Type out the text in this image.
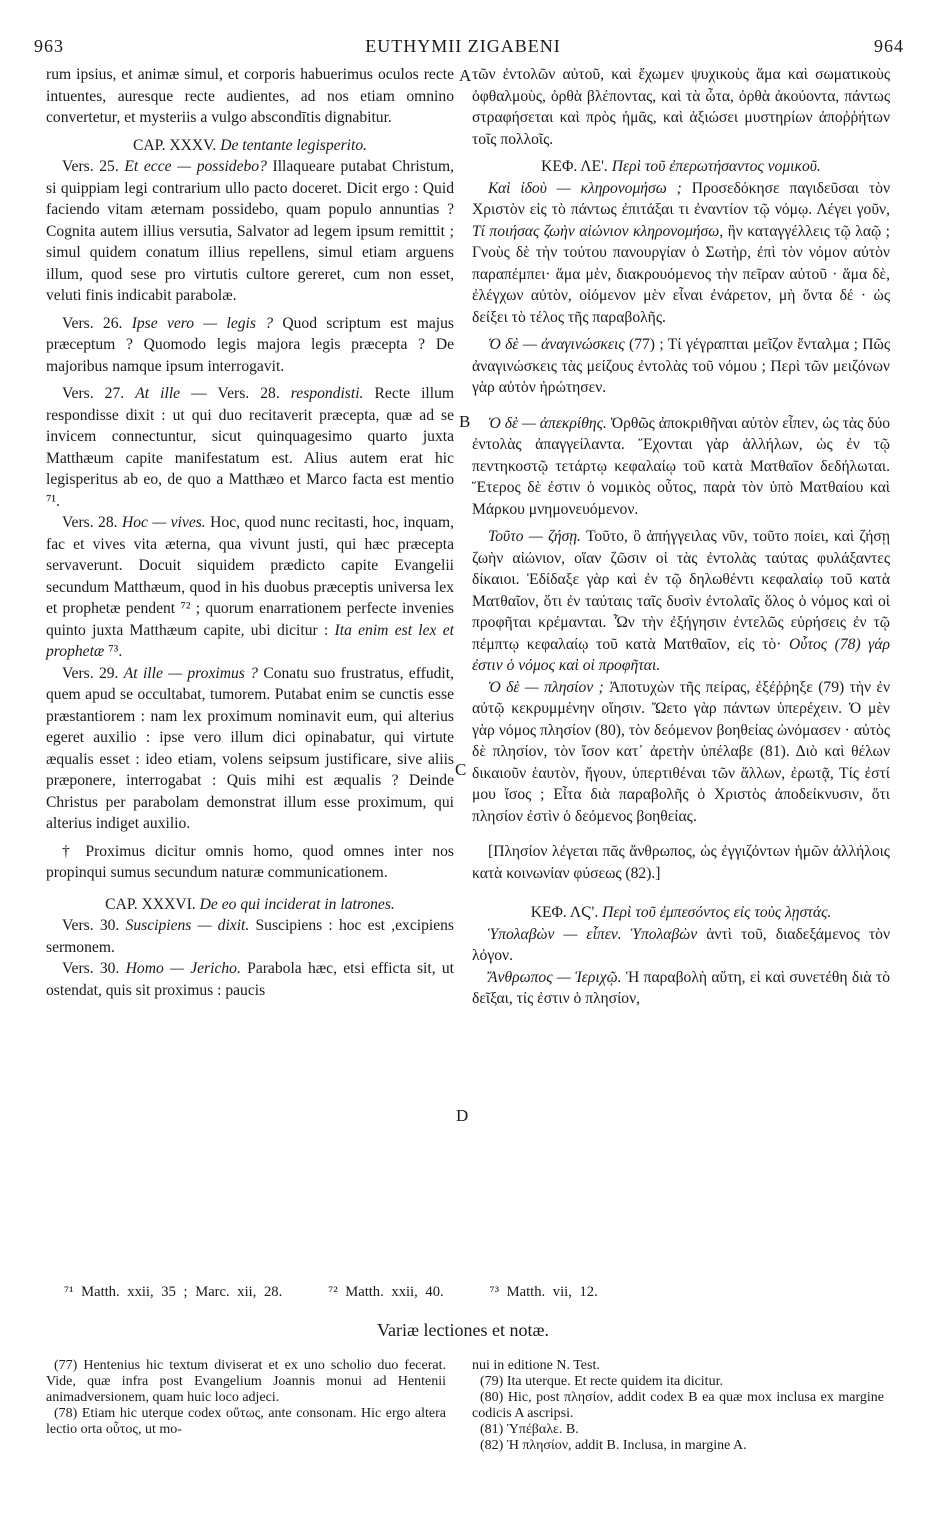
963	EUTHYMII ZIGABENI	964
A
B
C
D

rum ipsius, et animæ simul, et corporis habuerimus oculos recte intuentes, auresque recte audientes, ad nos etiam omnino convertetur, et mysteriis a vulgo abscondītis dignabitur.

CAP. XXXV. De tentante legisperito.

Vers. 25. Et ecce — possidebo? Illaqueare putabat Christum, si quippiam legi contrarium ullo pacto doceret. Dicit ergo : Quid faciendo vitam æternam possidebo, quam populo annuntias ? Cognita autem illius versutia, Salvator ad legem ipsum remittit ; simul quidem conatum illius repellens, simul etiam arguens illum, quod sese pro virtutis cultore gereret, cum non esset, veluti finis indicabit parabolæ.

Vers. 26. Ipse vero — legis ? Quod scriptum est majus præceptum ? Quomodo legis majora legis præcepta ? De majoribus namque ipsum interrogavit.

Vers. 27. At ille — Vers. 28. respondisti. Recte illum respondisse dixit : ut qui duo recitaverit præcepta, quæ ad se invicem connectuntur, sicut quinquagesimo quarto juxta Matthæum capite manifestatum est. Alius autem erat hic legisperitus ab eo, de quo a Matthæo et Marco facta est mentio ⁷¹.

Vers. 28. Hoc — vives. Hoc, quod nunc recitasti, hoc, inquam, fac et vives vita æterna, qua vivunt justi, qui hæc præcepta servaverunt. Docuit siquidem prædicto capite Evangelii secundum Matthæum, quod in his duobus præceptis universa lex et prophetæ pendent ⁷² ; quorum enarrationem perfecte invenies quinto juxta Matthæum capite, ubi dicitur : Ita enim est lex et prophetæ ⁷³.

Vers. 29. At ille — proximus ? Conatu suo frustratus, effudit, quem apud se occultabat, tumorem. Putabat enim se cunctis esse præstantiorem : nam lex proximum nominavit eum, qui alterius egeret auxilio : ipse vero illum dici opinabatur, qui virtute æqualis esset : ideo etiam, volens seipsum justificare, sive aliis præponere, interrogabat : Quis mihi est æqualis ? Deinde Christus per parabolam demonstrat illum esse proximum, qui alterius indiget auxilio.

† Proximus dicitur omnis homo, quod omnes inter nos propinqui sumus secundum naturæ communicationem.

CAP. XXXVI. De eo qui inciderat in latrones.

Vers. 30. Suscipiens — dixit. Suscipiens : hoc est ,excipiens sermonem.

Vers. 30. Homo — Jericho. Parabola hæc, etsi efficta sit, ut ostendat, quis sit proximus : paucis

τῶν ἐντολῶν αὐτοῦ, καὶ ἔχωμεν ψυχικοὺς ἅμα καὶ σωματικοὺς ὀφθαλμοὺς, ὀρθὰ βλέποντας, καὶ τὰ ὦτα, ὀρθὰ ἀκούοντα, πάντως στραφήσεται καὶ πρὸς ἡμᾶς, καὶ ἀξιώσει μυστηρίων ἀποῤῥήτων τοῖς πολλοῖς.

ΚΕΦ. ΛΕ'. Περὶ τοῦ ἐπερωτήσαντος νομικοῦ.

Καὶ ἰδοὺ — κληρονομήσω ; Προσεδόκησε παγιδεῦσαι τὸν Χριστὸν εἰς τὸ πάντως ἐπιτάξαι τι ἐναντίον τῷ νόμῳ. Λέγει γοῦν, Τί ποιήσας ζωὴν αἰώνιον κληρονομήσω, ἣν καταγγέλλεις τῷ λαῷ ; Γνοὺς δὲ τὴν τούτου πανουργίαν ὁ Σωτὴρ, ἐπὶ τὸν νόμον αὐτὸν παραπέμπει· ἅμα μὲν, διακρουόμενος τὴν πεῖραν αὐτοῦ · ἅμα δὲ, ἐλέγχων αὐτὸν, οἰόμενον μὲν εἶναι ἐνάρετον, μὴ ὄντα δέ · ὡς δείξει τὸ τέλος τῆς παραβολῆς.

Ὁ δὲ — ἀναγινώσκεις (77) ; Τί γέγραπται μεῖζον ἔνταλμα ; Πῶς ἀναγινώσκεις τὰς μείζους ἐντολὰς τοῦ νόμου ; Περὶ τῶν μειζόνων γὰρ αὐτὸν ἠρώτησεν.

Ὁ δὲ — ἀπεκρίθης. Ὀρθῶς ἀποκριθῆναι αὐτὸν εἶπεν, ὡς τὰς δύο ἐντολὰς ἀπαγγείλαντα. Ἔχονται γὰρ ἀλλήλων, ὡς ἐν τῷ πεντηκοστῷ τετάρτῳ κεφαλαίῳ τοῦ κατὰ Ματθαῖον δεδήλωται. Ἕτερος δὲ ἐστιν ὁ νομικὸς οὗτος, παρὰ τὸν ὑπὸ Ματθαίου καὶ Μάρκου μνημονευόμενον.

Τοῦτο — ζήσῃ. Τοῦτο, ὃ ἀπήγγειλας νῦν, τοῦτο ποίει, καὶ ζήσῃ ζωὴν αἰώνιον, οἵαν ζῶσιν οἱ τὰς ἐντολὰς ταύτας φυλάξαντες δίκαιοι. Ἐδίδαξε γὰρ καὶ ἐν τῷ δηλωθέντι κεφαλαίῳ τοῦ κατὰ Ματθαῖον, ὅτι ἐν ταύταις ταῖς δυσὶν ἐντολαῖς ὅλος ὁ νόμος καὶ οἱ προφῆται κρέμανται. Ὧν τὴν ἐξήγησιν ἐντελῶς εὑρήσεις ἐν τῷ πέμπτῳ κεφαλαίῳ τοῦ κατὰ Ματθαῖον, εἰς τὸ· Οὗτος (78) γάρ ἐστιν ὁ νόμος καὶ οἱ προφῆται.

Ὁ δὲ — πλησίον ; Ἀποτυχὼν τῆς πείρας, ἐξέῤῥηξε (79) τὴν ἐν αὐτῷ κεκρυμμένην οἴησιν. Ὤετο γὰρ πάντων ὑπερέχειν. Ὁ μὲν γὰρ νόμος πλησίον (80), τὸν δεόμενον βοηθείας ὠνόμασεν · αὐτὸς δὲ πλησίον, τὸν ἴσον κατ᾿ ἀρετὴν ὑπέλαβε (81). Διὸ καὶ θέλων δικαιοῦν ἑαυτὸν, ἤγουν, ὑπερτιθέναι τῶν ἄλλων, ἐρωτᾷ, Τίς ἐστί μου ἴσος ; Εἶτα διὰ παραβολῆς ὁ Χριστὸς ἀποδείκνυσιν, ὅτι πλησίον ἐστὶν ὁ δεόμενος βοηθείας.

[Πλησίον λέγεται πᾶς ἄνθρωπος, ὡς ἐγγιζόντων ἡμῶν ἀλλήλοις κατὰ κοινωνίαν φύσεως (82).]

ΚΕΦ. ΛϚ'. Περὶ τοῦ ἐμπεσόντος εἰς τοὺς λῃστάς.

Ὑπολαβὼν — εἶπεν. Ὑπολαβὼν ἀντὶ τοῦ, διαδεξάμενος τὸν λόγον.

Ἄνθρωπος — Ἱεριχῷ. Ἡ παραβολὴ αὕτη, εἰ καὶ συνετέθη διὰ τὸ δεῖξαι, τίς ἐστιν ὁ πλησίον,

⁷¹ Matth. xxii, 35 ; Marc. xii, 28.      ⁷² Matth. xxii, 40.      ⁷³ Matth. vii, 12.
Variæ lectiones et notæ.

(77) Hentenius hic textum diviserat et ex uno scholio duo fecerat. Vide, quæ infra post Evangelium Joannis monui ad Hentenii animadversionem, quam huic loco adjeci.

(78) Etiam hic uterque codex οὕτως, ante consonam. Hic ergo altera lectio orta οὗτος, ut mo-

nui in editione N. Test.

(79) Ita uterque. Et recte quidem ita dicitur.

(80) Hic, post πλησίον, addit codex B ea quæ mox inclusa ex margine codicis A ascripsi.

(81) Ὑπέβαλε. B.

(82) Ἡ πλησίον, addit B. Inclusa, in margine A.
